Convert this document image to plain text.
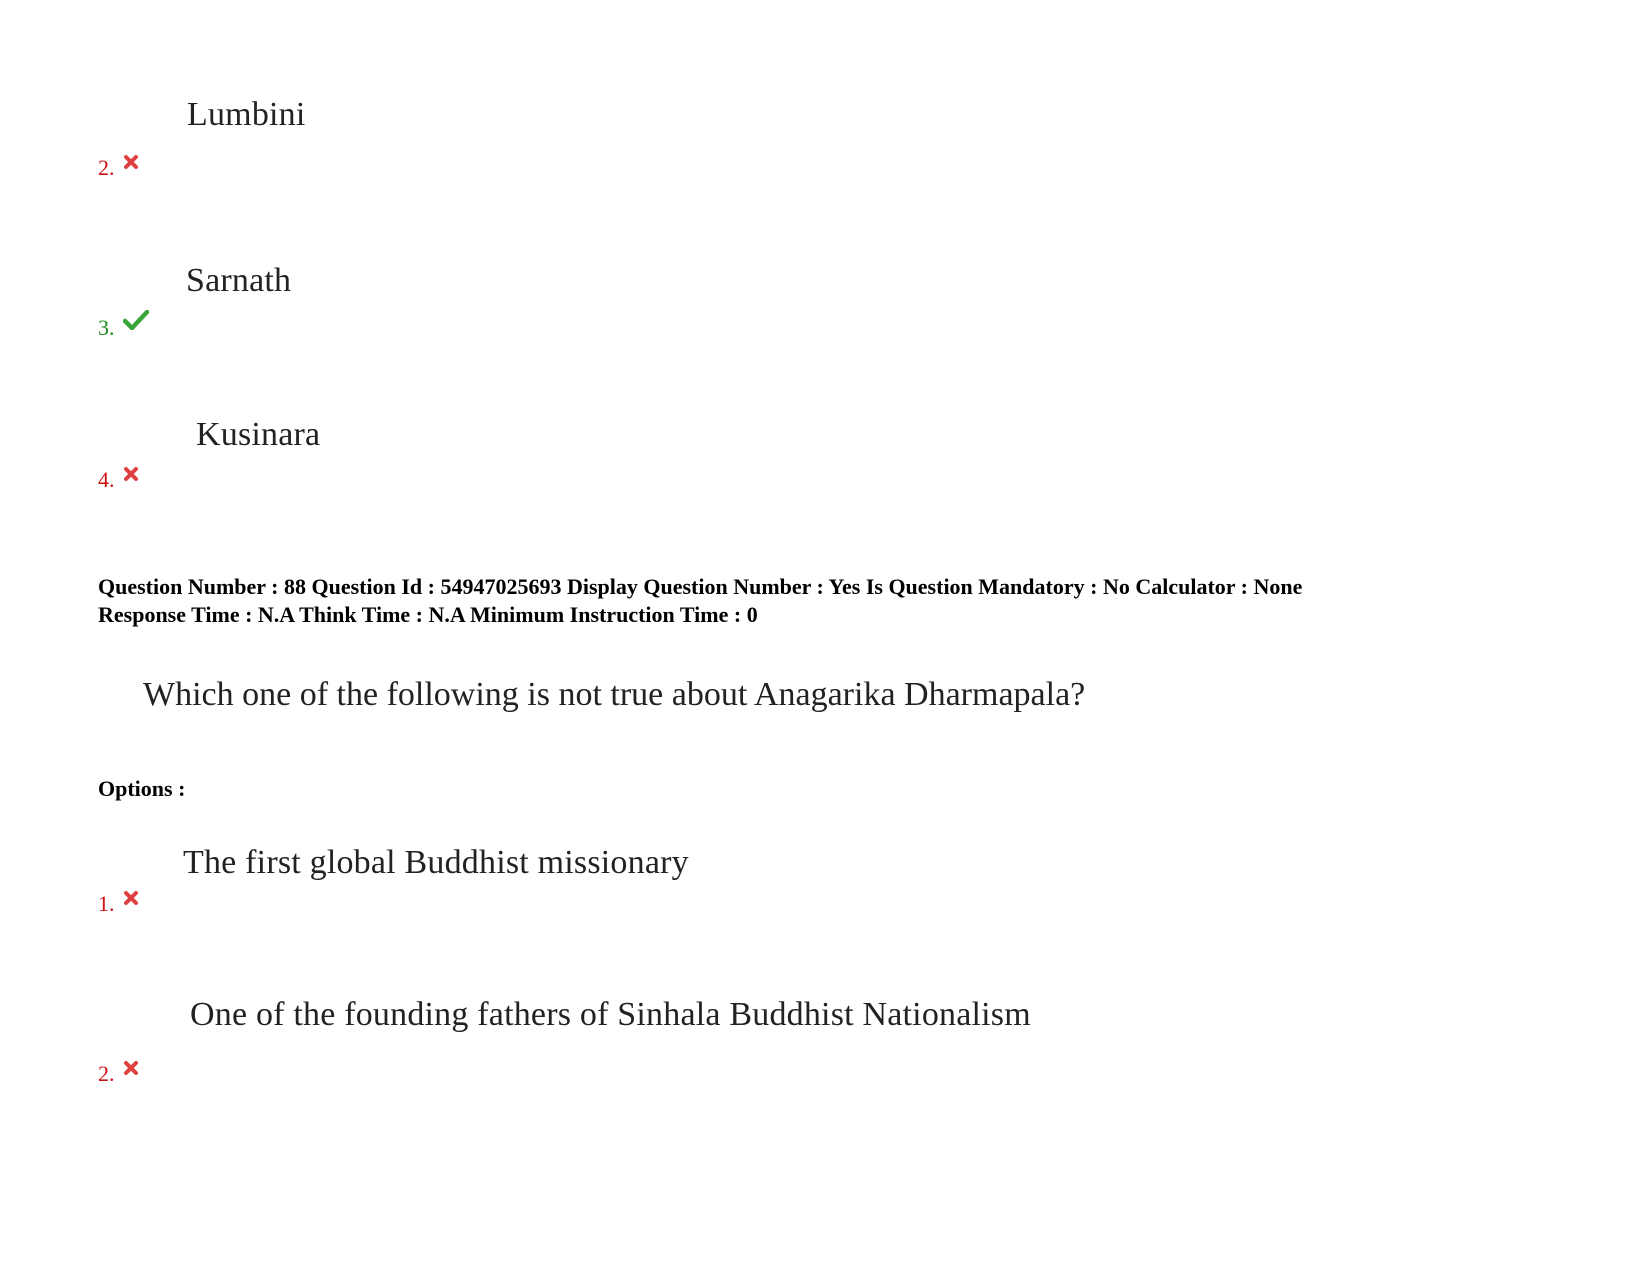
Lumbini
2.
Sarnath
3.
Kusinara
4.
Question Number : 88 Question Id : 54947025693 Display Question Number : Yes Is Question Mandatory : No Calculator : None
Response Time : N.A Think Time : N.A Minimum Instruction Time : 0
Which one of the following is not true about Anagarika Dharmapala?
Options :
The first global Buddhist missionary
1.
One of the founding fathers of Sinhala Buddhist Nationalism
2.
